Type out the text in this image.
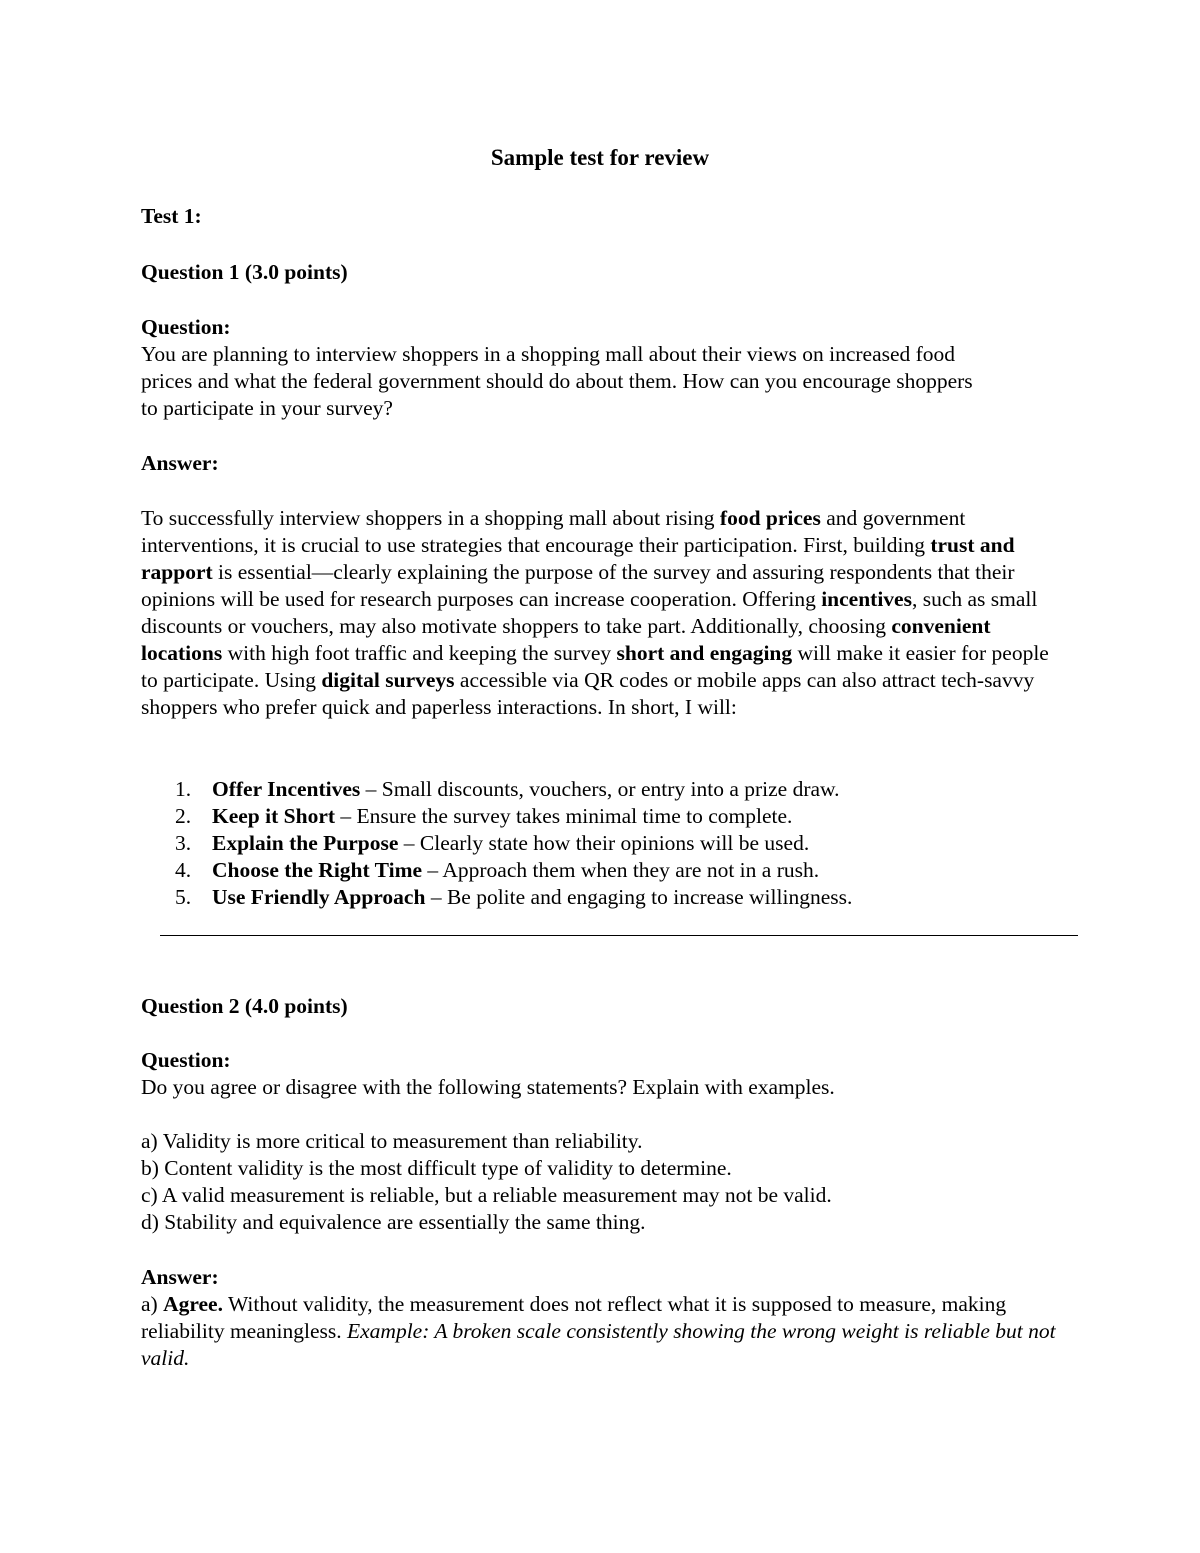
Sample test for review
Test 1:
Question 1 (3.0 points)
Question:
You are planning to interview shoppers in a shopping mall about their views on increased food
prices and what the federal government should do about them. How can you encourage shoppers
to participate in your survey?
Answer:

To successfully interview shoppers in a shopping mall about rising food prices and government interventions, it is crucial to use strategies that encourage their participation. First, building trust and rapport is essential—clearly explaining the purpose of the survey and assuring respondents that their opinions will be used for research purposes can increase cooperation. Offering incentives, such as small discounts or vouchers, may also motivate shoppers to take part. Additionally, choosing convenient locations with high foot traffic and keeping the survey short and engaging will make it easier for people to participate. Using digital surveys accessible via QR codes or mobile apps can also attract tech-savvy shoppers who prefer quick and paperless interactions. In short, I will:

1. Offer Incentives – Small discounts, vouchers, or entry into a prize draw.
2. Keep it Short – Ensure the survey takes minimal time to complete.
3. Explain the Purpose – Clearly state how their opinions will be used.
4. Choose the Right Time – Approach them when they are not in a rush.
5. Use Friendly Approach – Be polite and engaging to increase willingness.
Question 2 (4.0 points)
Question:
Do you agree or disagree with the following statements? Explain with examples.
a) Validity is more critical to measurement than reliability.
b) Content validity is the most difficult type of validity to determine.
c) A valid measurement is reliable, but a reliable measurement may not be valid.
d) Stability and equivalence are essentially the same thing.
Answer:

a) Agree. Without validity, the measurement does not reflect what it is supposed to measure, making reliability meaningless. Example: A broken scale consistently showing the wrong weight is reliable but not valid.
